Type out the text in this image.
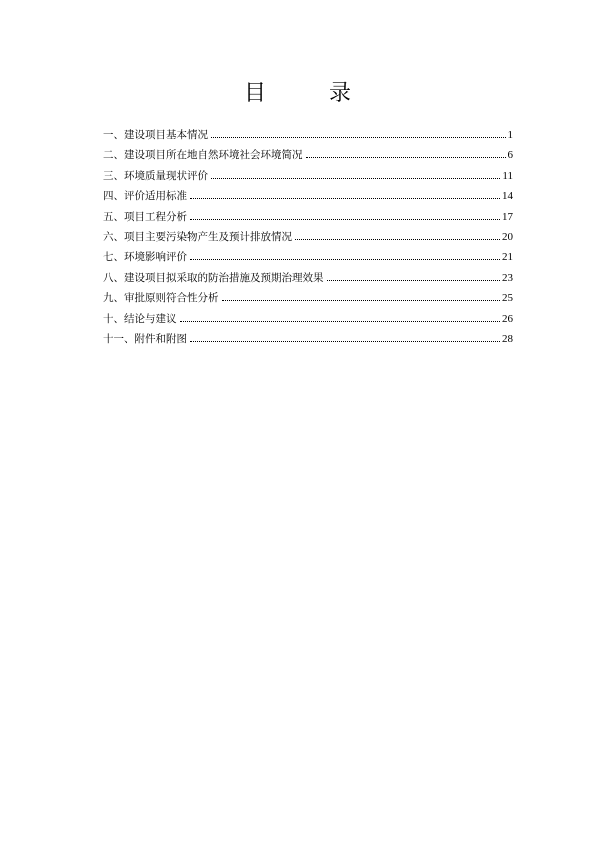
目 录
一、建设项目基本情况	1
二、建设项目所在地自然环境社会环境简况	6
三、环境质量现状评价	11
四、评价适用标准	14
五、项目工程分析	17
六、项目主要污染物产生及预计排放情况	20
七、环境影响评价	21
八、建设项目拟采取的防治措施及预期治理效果	23
九、审批原则符合性分析	25
十、结论与建议	26
十一、附件和附图	28
